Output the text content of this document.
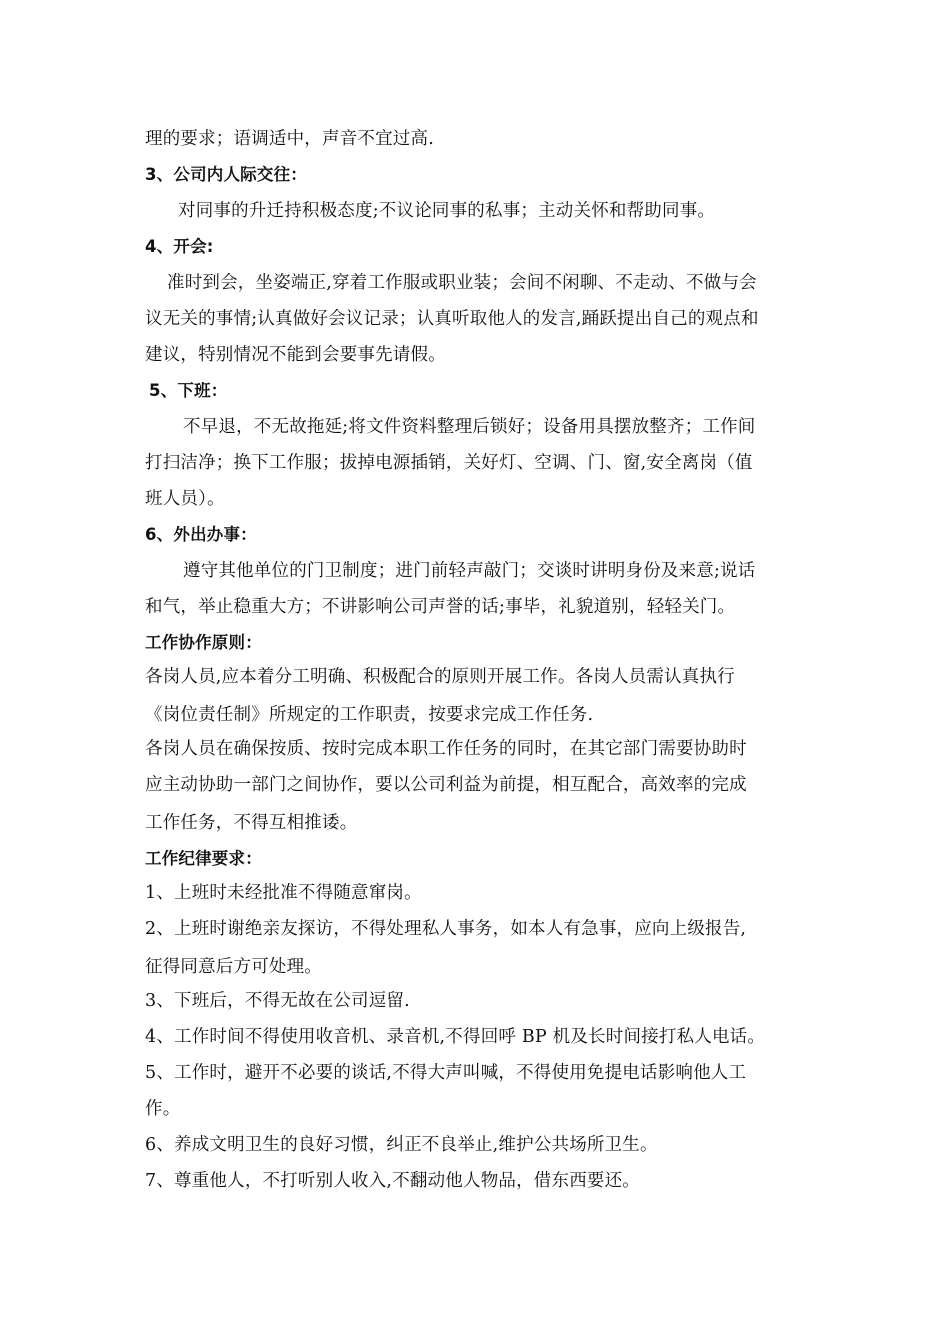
理的要求；语调适中，声音不宜过高.
3、公司内人际交往：
对同事的升迁持积极态度;不议论同事的私事；主动关怀和帮助同事。
4、开会:
准时到会，坐姿端正,穿着工作服或职业装；会间不闲聊、不走动、不做与会
议无关的事情;认真做好会议记录；认真听取他人的发言,踊跃提出自己的观点和
建议，特别情况不能到会要事先请假。
5、下班：
不早退，不无故拖延;将文件资料整理后锁好；设备用具摆放整齐；工作间
打扫洁净；换下工作服；拔掉电源插销，关好灯、空调、门、窗,安全离岗（值
班人员）。
6、外出办事：
遵守其他单位的门卫制度；进门前轻声敲门；交谈时讲明身份及来意;说话
和气，举止稳重大方；不讲影响公司声誉的话;事毕，礼貌道别，轻轻关门。
工作协作原则：
各岗人员,应本着分工明确、积极配合的原则开展工作。各岗人员需认真执行
《岗位责任制》所规定的工作职责，按要求完成工作任务.
各岗人员在确保按质、按时完成本职工作任务的同时，在其它部门需要协助时
应主动协助一部门之间协作，要以公司利益为前提，相互配合，高效率的完成
工作任务，不得互相推诿。
工作纪律要求：
1、上班时未经批准不得随意窜岗。
2、上班时谢绝亲友探访，不得处理私人事务，如本人有急事，应向上级报告,
征得同意后方可处理。
3、下班后，不得无故在公司逗留.
4、工作时间不得使用收音机、录音机,不得回呼 BP 机及长时间接打私人电话。
5、工作时，避开不必要的谈话,不得大声叫喊，不得使用免提电话影响他人工
作。
6、养成文明卫生的良好习惯，纠正不良举止,维护公共场所卫生。
7、尊重他人，不打听别人收入,不翻动他人物品，借东西要还。
